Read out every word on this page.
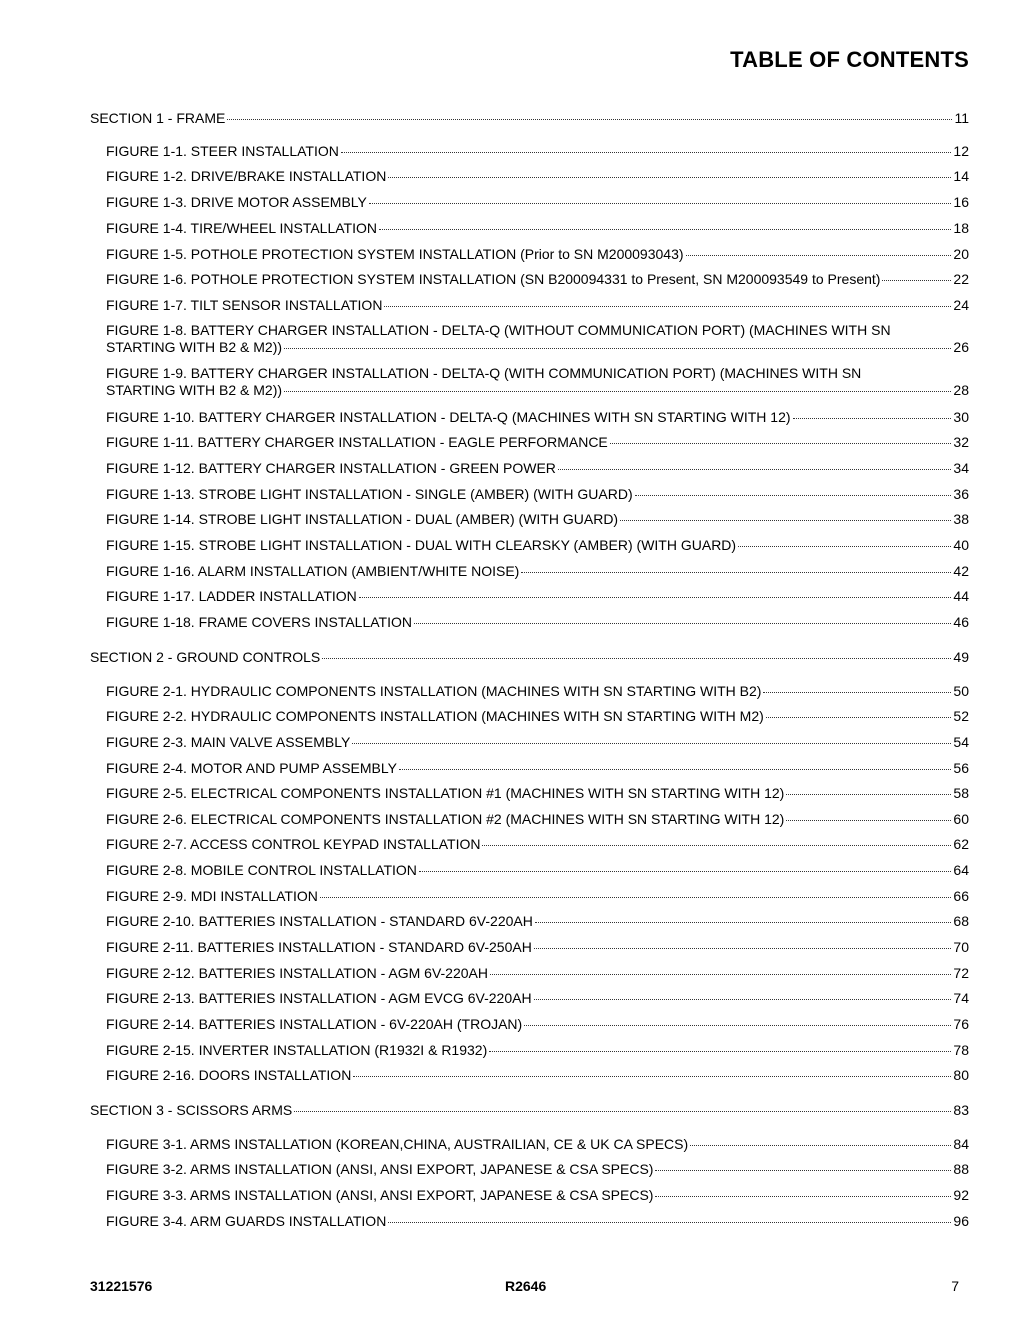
TABLE OF CONTENTS
SECTION 1 - FRAME	11
FIGURE 1-1. STEER INSTALLATION	12
FIGURE 1-2. DRIVE/BRAKE INSTALLATION	14
FIGURE 1-3. DRIVE MOTOR ASSEMBLY	16
FIGURE 1-4. TIRE/WHEEL INSTALLATION	18
FIGURE 1-5. POTHOLE PROTECTION SYSTEM INSTALLATION (Prior to SN M200093043)	20
FIGURE 1-6. POTHOLE PROTECTION SYSTEM INSTALLATION (SN B200094331 to Present, SN M200093549 to Present)	22
FIGURE 1-7. TILT SENSOR INSTALLATION	24
FIGURE 1-8. BATTERY CHARGER INSTALLATION - DELTA-Q (WITHOUT COMMUNICATION PORT) (MACHINES WITH SN
STARTING WITH B2 & M2))	26
FIGURE 1-9. BATTERY CHARGER INSTALLATION - DELTA-Q (WITH COMMUNICATION PORT) (MACHINES WITH SN
STARTING WITH B2 & M2))	28
FIGURE 1-10. BATTERY CHARGER INSTALLATION - DELTA-Q (MACHINES WITH SN STARTING WITH 12)	30
FIGURE 1-11. BATTERY CHARGER INSTALLATION - EAGLE PERFORMANCE	32
FIGURE 1-12. BATTERY CHARGER INSTALLATION - GREEN POWER	34
FIGURE 1-13. STROBE LIGHT INSTALLATION - SINGLE (AMBER) (WITH GUARD)	36
FIGURE 1-14. STROBE LIGHT INSTALLATION - DUAL (AMBER) (WITH GUARD)	38
FIGURE 1-15. STROBE LIGHT INSTALLATION - DUAL WITH CLEARSKY (AMBER) (WITH GUARD)	40
FIGURE 1-16. ALARM INSTALLATION (AMBIENT/WHITE NOISE)	42
FIGURE 1-17. LADDER INSTALLATION	44
FIGURE 1-18. FRAME COVERS INSTALLATION	46
SECTION 2 - GROUND CONTROLS	49
FIGURE 2-1. HYDRAULIC COMPONENTS INSTALLATION (MACHINES WITH SN STARTING WITH B2)	50
FIGURE 2-2. HYDRAULIC COMPONENTS INSTALLATION (MACHINES WITH SN STARTING WITH M2)	52
FIGURE 2-3. MAIN VALVE ASSEMBLY	54
FIGURE 2-4. MOTOR AND PUMP ASSEMBLY	56
FIGURE 2-5. ELECTRICAL COMPONENTS INSTALLATION #1 (MACHINES WITH SN STARTING WITH 12)	58
FIGURE 2-6. ELECTRICAL COMPONENTS INSTALLATION #2 (MACHINES WITH SN STARTING WITH 12)	60
FIGURE 2-7. ACCESS CONTROL KEYPAD INSTALLATION	62
FIGURE 2-8. MOBILE CONTROL INSTALLATION	64
FIGURE 2-9. MDI INSTALLATION	66
FIGURE 2-10. BATTERIES INSTALLATION - STANDARD 6V-220AH	68
FIGURE 2-11. BATTERIES INSTALLATION - STANDARD 6V-250AH	70
FIGURE 2-12. BATTERIES INSTALLATION - AGM 6V-220AH	72
FIGURE 2-13. BATTERIES INSTALLATION - AGM EVCG 6V-220AH	74
FIGURE 2-14. BATTERIES INSTALLATION - 6V-220AH (TROJAN)	76
FIGURE 2-15. INVERTER INSTALLATION (R1932I & R1932)	78
FIGURE 2-16. DOORS INSTALLATION	80
SECTION 3 - SCISSORS ARMS	83
FIGURE 3-1. ARMS INSTALLATION (KOREAN,CHINA, AUSTRAILIAN, CE & UK CA SPECS)	84
FIGURE 3-2. ARMS INSTALLATION (ANSI, ANSI EXPORT, JAPANESE & CSA SPECS)	88
FIGURE 3-3. ARMS INSTALLATION (ANSI, ANSI EXPORT, JAPANESE & CSA SPECS)	92
FIGURE 3-4. ARM GUARDS INSTALLATION	96
31221576	R2646	7
